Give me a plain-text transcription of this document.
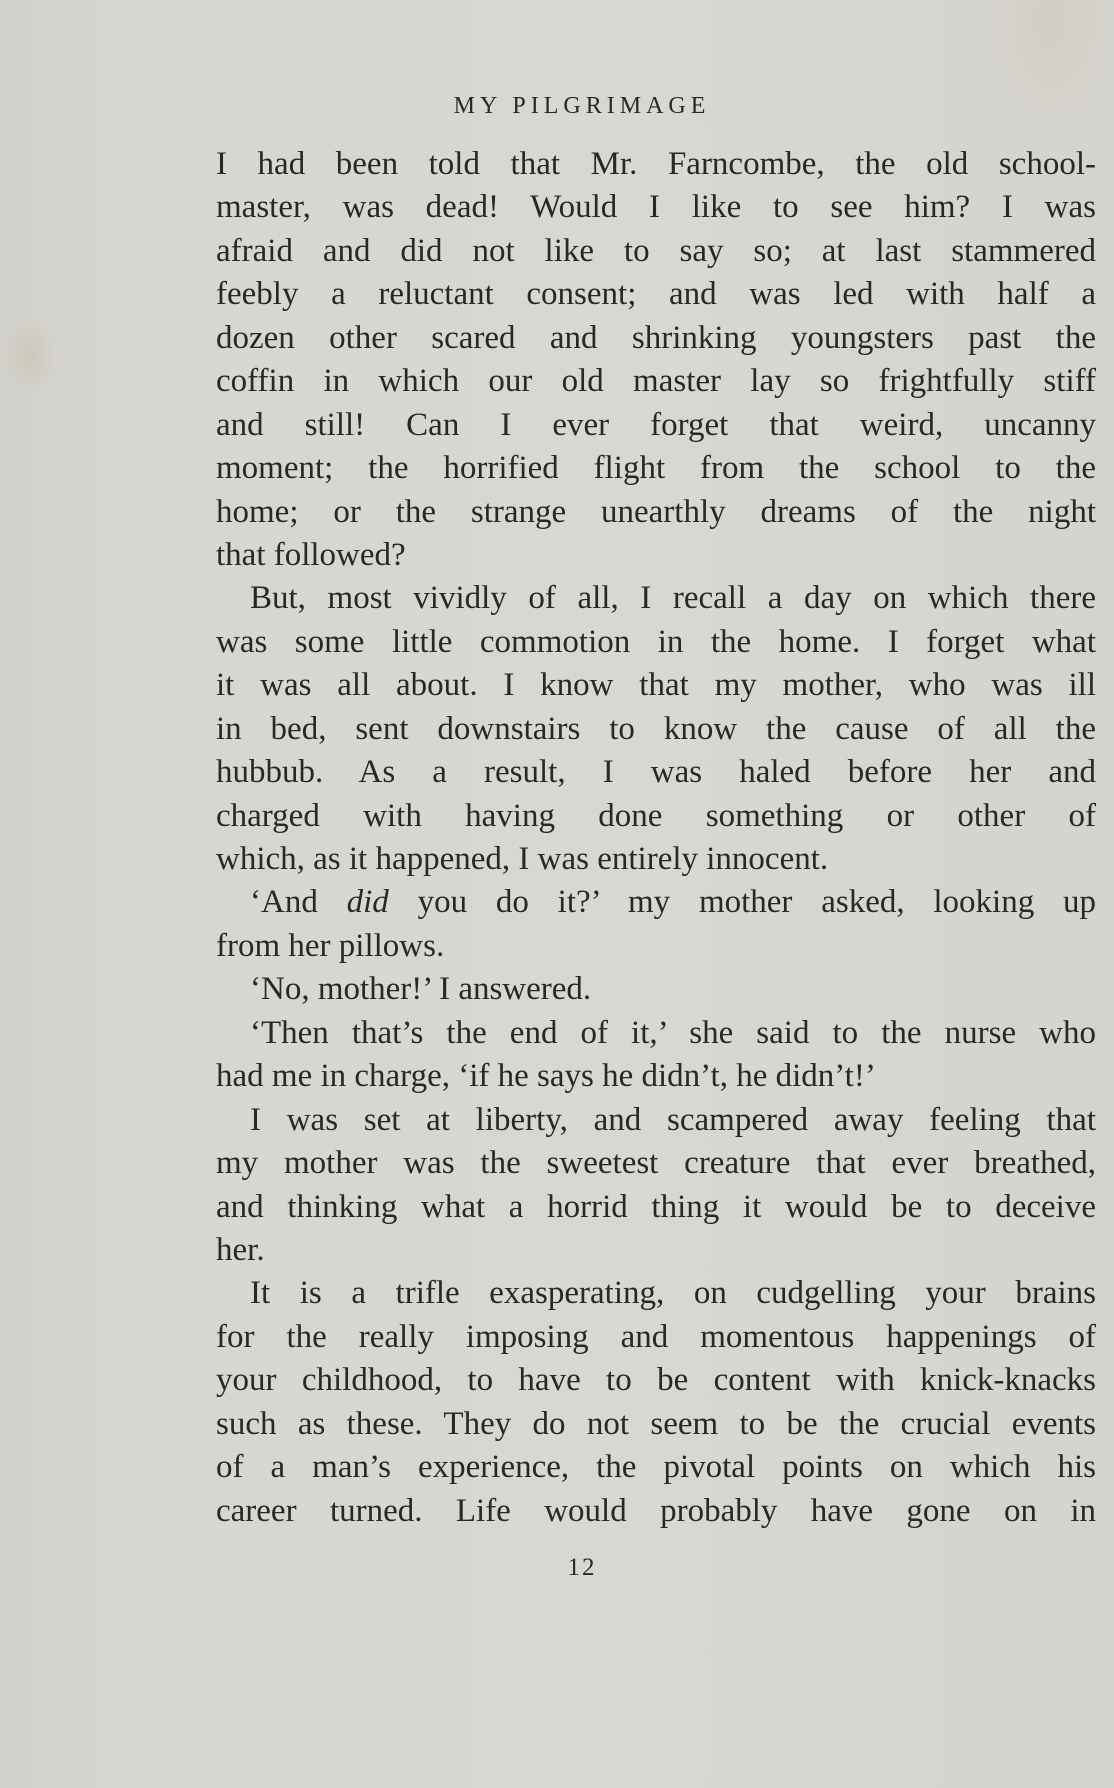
MY PILGRIMAGE
I had been told that Mr. Farncombe, the old school-
master, was dead! Would I like to see him? I was
afraid and did not like to say so; at last stammered
feebly a reluctant consent; and was led with half a
dozen other scared and shrinking youngsters past the
coffin in which our old master lay so frightfully stiff
and still! Can I ever forget that weird, uncanny
moment; the horrified flight from the school to the
home; or the strange unearthly dreams of the night
that followed?
But, most vividly of all, I recall a day on which there
was some little commotion in the home. I forget what
it was all about. I know that my mother, who was ill
in bed, sent downstairs to know the cause of all the
hubbub. As a result, I was haled before her and
charged with having done something or other of
which, as it happened, I was entirely innocent.
‘And did you do it?’ my mother asked, looking up
from her pillows.
‘No, mother!’ I answered.
‘Then that’s the end of it,’ she said to the nurse who
had me in charge, ‘if he says he didn’t, he didn’t!’
I was set at liberty, and scampered away feeling that
my mother was the sweetest creature that ever breathed,
and thinking what a horrid thing it would be to deceive
her.
It is a trifle exasperating, on cudgelling your brains
for the really imposing and momentous happenings of
your childhood, to have to be content with knick-knacks
such as these. They do not seem to be the crucial events
of a man’s experience, the pivotal points on which his
career turned. Life would probably have gone on in
12
